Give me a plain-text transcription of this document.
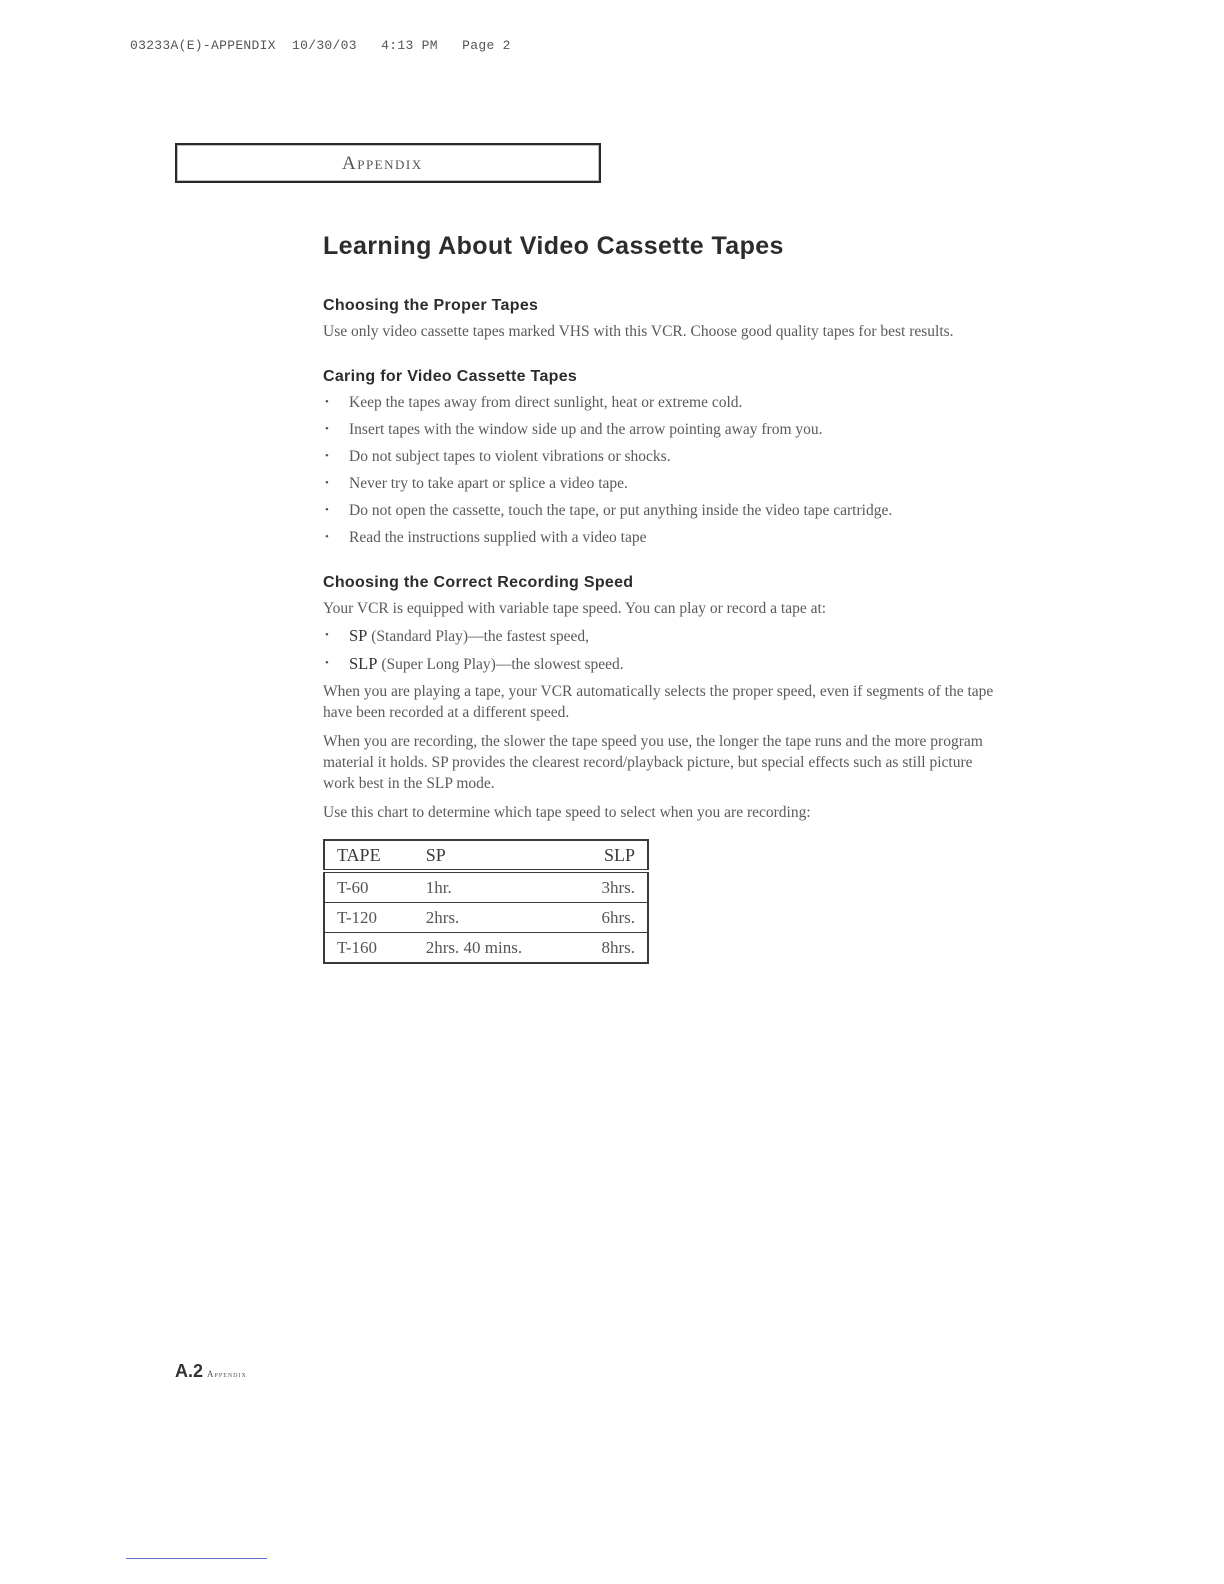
03233A(E)-APPENDIX  10/30/03   4:13 PM   Page 2
Appendix
Learning About Video Cassette Tapes
Choosing the Proper Tapes

Use only video cassette tapes marked VHS with this VCR. Choose good quality tapes for best results.

Caring for Video Cassette Tapes
• Keep the tapes away from direct sunlight, heat or extreme cold.
• Insert tapes with the window side up and the arrow pointing away from you.
• Do not subject tapes to violent vibrations or shocks.
• Never try to take apart or splice a video tape.
• Do not open the cassette, touch the tape, or put anything inside the video tape cartridge.
• Read the instructions supplied with a video tape
Choosing the Correct Recording Speed

Your VCR is equipped with variable tape speed. You can play or record a tape at:

• SP (Standard Play)—the fastest speed,
• SLP (Super Long Play)—the slowest speed.

When you are playing a tape, your VCR automatically selects the proper speed, even if segments of the tape have been recorded at a different speed.

When you are recording, the slower the tape speed you use, the longer the tape runs and the more program material it holds. SP provides the clearest record/playback picture, but special effects such as still picture work best in the SLP mode.

Use this chart to determine which tape speed to select when you are recording:

TAPE	SP	SLP
T-60	1hr.	3hrs.
T-120	2hrs.	6hrs.
T-160	2hrs. 40 mins.	8hrs.
A.2 Appendix
